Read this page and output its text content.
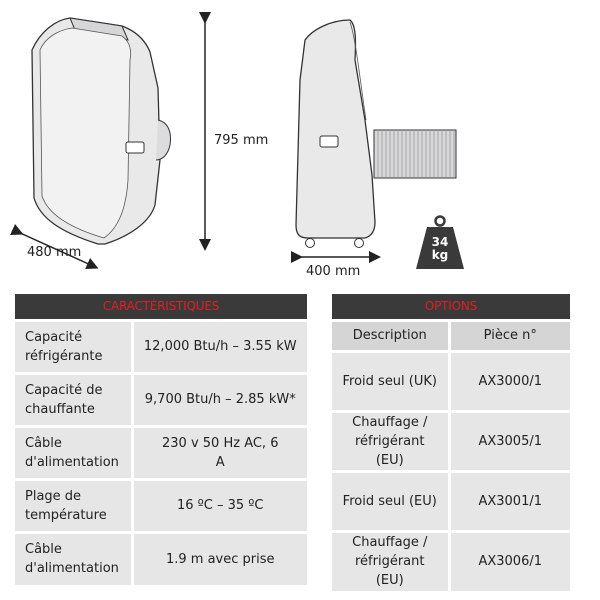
795 mm
480 mm
400 mm
34
kg
CARACTÉRISTIQUES	
Capacité réfrigérante	12,000 Btu/h – 3.55 kW
Capacité de chauffante	9,700 Btu/h – 2.85 kW*
Câble d'alimentation	230 v 50 Hz AC, 6 A
Plage de température	16 ºC – 35 ºC
Câble d'alimentation	1.9 m avec prise
OPTIONS	
Description	Pièce n°
Froid seul (UK)	AX3000/1
Chauffage / réfrigérant (EU)	AX3005/1
Froid seul (EU)	AX3001/1
Chauffage / réfrigérant (EU)	AX3006/1
